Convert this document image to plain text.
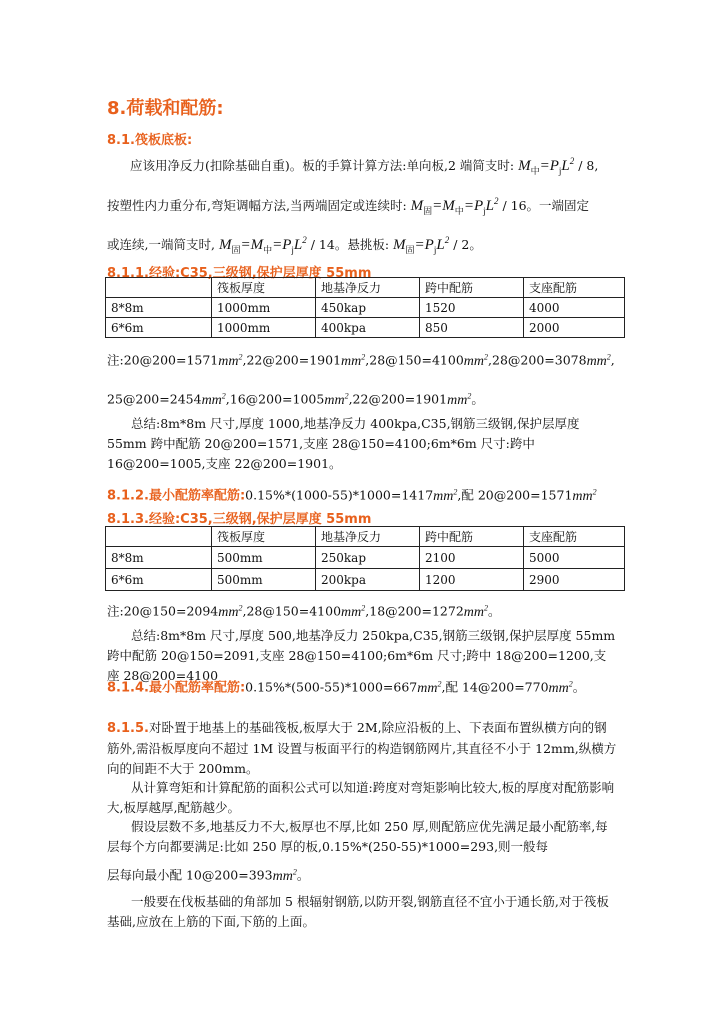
8.荷载和配筋:
8.1.筏板底板:
应该用净反力(扣除基础自重)。板的手算计算方法:单向板,2 端简支时: $M_中=P_jL^2 / 8$,
按塑性内力重分布,弯矩调幅方法,当两端固定或连续时: $M_固=M_中=P_jL^2 / 16$。一端固定
或连续,一端简支时, $M_固=M_中=P_jL^2 / 14$。悬挑板: $M_固=P_jL^2 / 2$。
8.1.1.经验:C35,三级钢,保护层厚度 55mm
	筏板厚度	地基净反力	跨中配筋	支座配筋
8*8m	1000mm	450kap	1520	4000
6*6m	1000mm	400kpa	850	2000
注$:20@200=1571mm^2,22@200=1901mm^2,28@150=4100mm^2,28@200=3078mm^2$,
$25@200=2454mm^2,16@200=1005mm^2,22@200=1901mm^2$。
总结:8m*8m 尺寸,厚度 1000,地基净反力 400kpa,C35,钢筋三级钢,保护层厚度 55mm 跨中配筋 20@200=1571,支座 28@150=4100;6m*6m 尺寸:跨中 16@200=1005,支座 22@200=1901。
8.1.2.最小配筋率配筋$:0.15\%*(1000-55)*1000=1417mm^2$,配 $20@200=1571mm^2$
8.1.3.经验:C35,三级钢,保护层厚度 55mm
	筏板厚度	地基净反力	跨中配筋	支座配筋
8*8m	500mm	250kap	2100	5000
6*6m	500mm	200kpa	1200	2900
注$:20@150=2094mm^2,28@150=4100mm^2,18@200=1272mm^2$。
总结:8m*8m 尺寸,厚度 500,地基净反力 250kpa,C35,钢筋三级钢,保护层厚度 55mm 跨中配筋 20@150=2091,支座 28@150=4100;6m*6m 尺寸;跨中 18@200=1200,支座 28@200=4100
8.1.4.最小配筋率配筋$:0.15\%*(500-55)*1000=667mm^2$,配 $14@200=770mm^2$。
8.1.5.对卧置于地基上的基础筏板,板厚大于 2M,除应沿板的上、下表面布置纵横方向的钢筋外,需沿板厚度向不超过 1M 设置与板面平行的构造钢筋网片,其直径不小于 12mm,纵横方向的间距不大于 200mm。
从计算弯矩和计算配筋的面积公式可以知道:跨度对弯矩影响比较大,板的厚度对配筋影响大,板厚越厚,配筋越少。
假设层数不多,地基反力不大,板厚也不厚,比如 250 厚,则配筋应优先满足最小配筋率,每层每个方向都要满足:比如 250 厚的板,0.15%*(250-55)*1000=293,则一般每
层每向最小配 $10@200=393mm^2$。
一般要在伐板基础的角部加 5 根辐射钢筋,以防开裂,钢筋直径不宜小于通长筋,对于筏板基础,应放在上筋的下面,下筋的上面。
